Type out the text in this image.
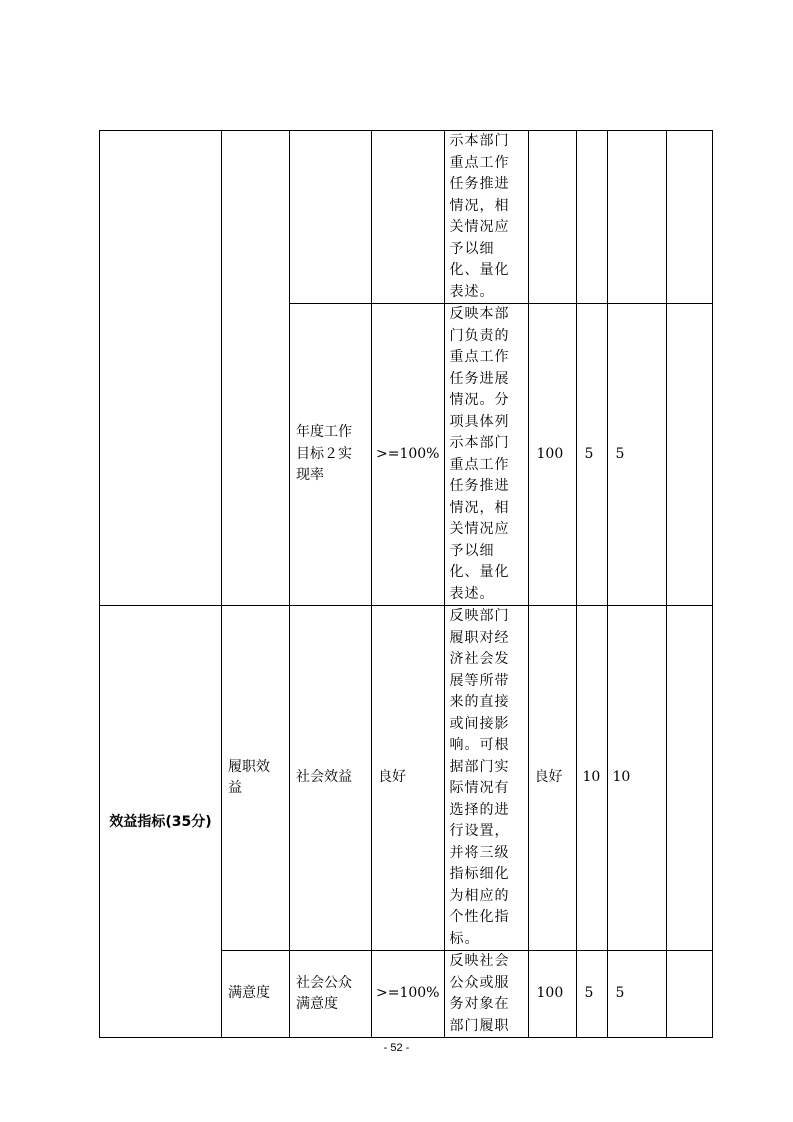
				示本部门重点工作任务推进情况，相关情况应予以细化、量化表述。				

		年度工作目标２实现率	>=100%	反映本部门负责的重点工作任务进展情况。分项具体列示本部门重点工作任务推进情况，相关情况应予以细化、量化表述。	100	5	5	

效益指标(35分)	履职效益	社会效益	良好	反映部门履职对经济社会发展等所带来的直接或间接影响。可根据部门实际情况有选择的进行设置，并将三级指标细化为相应的个性化指标。	良好	10	10	

	满意度	社会公众满意度	>=100%	反映社会公众或服务对象在部门履职	100	5	5	

- 52 -
